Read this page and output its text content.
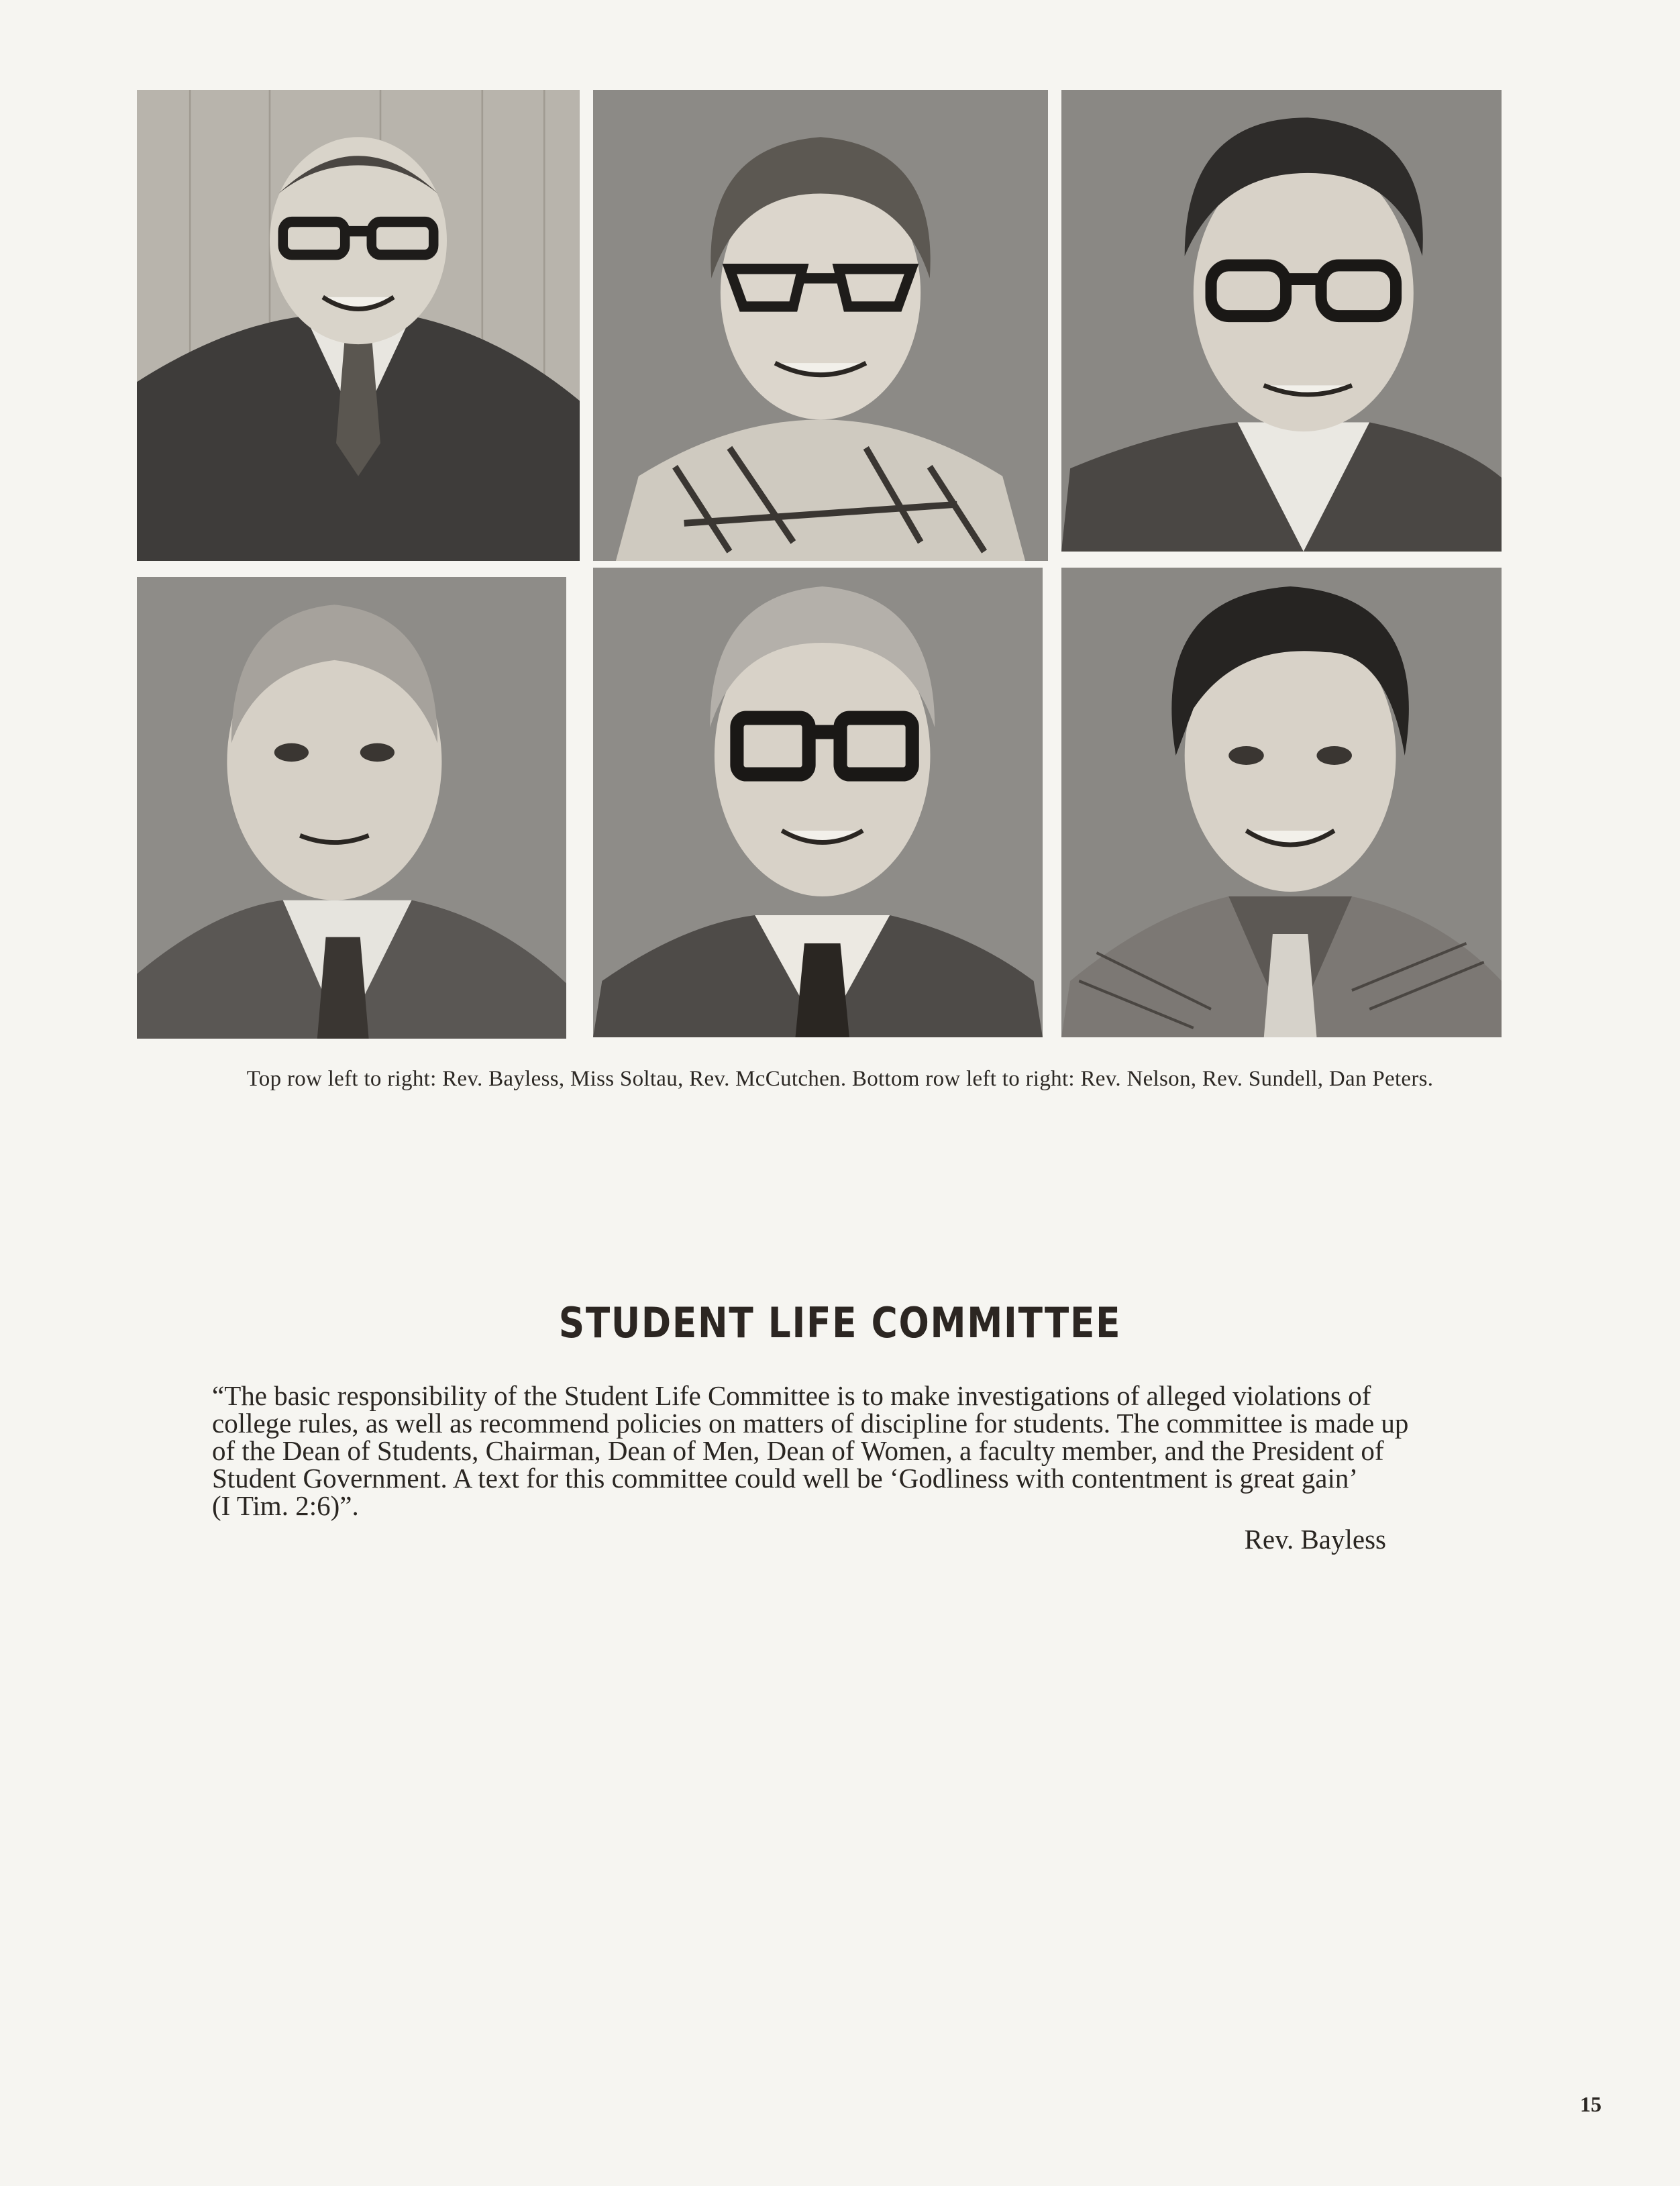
Top row left to right: Rev. Bayless, Miss Soltau, Rev. McCutchen. Bottom row left to right: Rev. Nelson, Rev. Sundell, Dan Peters.
STUDENT LIFE COMMITTEE
“The basic responsibility of the Student Life Committee is to make investigations of alleged violations of
college rules, as well as recommend policies on matters of discipline for students. The committee is made up
of the Dean of Students, Chairman, Dean of Men, Dean of Women, a faculty member, and the President of
Student Government. A text for this committee could well be ‘Godliness with contentment is great gain’
(I Tim. 2:6)”.
Rev. Bayless
15
